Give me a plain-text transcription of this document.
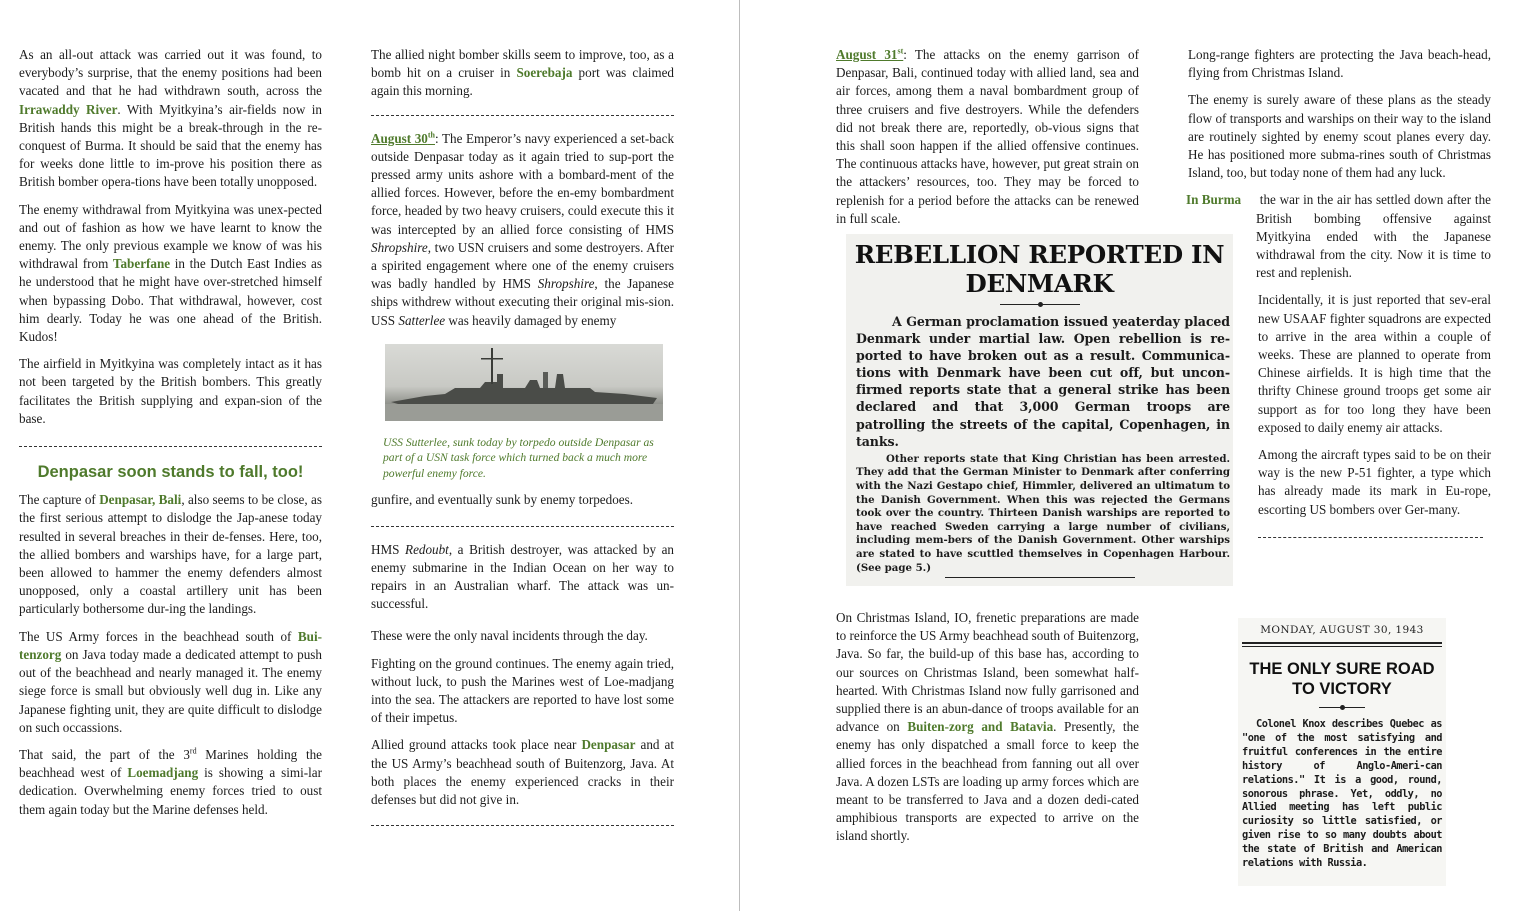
As an all-out attack was carried out it was found, to everybody’s surprise, that the enemy positions had been vacated and that he had withdrawn south, across the Irrawaddy River. With Myitkyina’s air-fields now in British hands this might be a break-through in the re-conquest of Burma. It should be said that the enemy has for weeks done little to im-prove his position there as British bomber opera-tions have been totally unopposed.

The enemy withdrawal from Myitkyina was unex-pected and out of fashion as how we have learnt to know the enemy. The only previous example we know of was his withdrawal from Taberfane in the Dutch East Indies as he understood that he might have over-stretched himself when bypassing Dobo. That withdrawal, however, cost him dearly. Today he was one ahead of the British. Kudos!

The airfield in Myitkyina was completely intact as it has not been targeted by the British bombers. This greatly facilitates the British supplying and expan-sion of the base.

Denpasar soon stands to fall, too!

The capture of Denpasar, Bali, also seems to be close, as the first serious attempt to dislodge the Jap-anese today resulted in several breaches in their de-fenses. Here, too, the allied bombers and warships have, for a large part, been allowed to hammer the enemy defenders almost unopposed, only a coastal artillery unit has been particularly bothersome dur-ing the landings.

The US Army forces in the beachhead south of Bui-tenzorg on Java today made a dedicated attempt to push out of the beachhead and nearly managed it. The enemy siege force is small but obviously well dug in. Like any Japanese fighting unit, they are quite difficult to dislodge on such occassions.

That said, the part of the 3rd Marines holding the beachhead west of Loemadjang is showing a simi-lar dedication. Overwhelming enemy forces tried to oust them again today but the Marine defenses held.

The allied night bomber skills seem to improve, too, as a bomb hit on a cruiser in Soerebaja port was claimed again this morning.

August 30th: The Emperor’s navy experienced a set-back outside Denpasar today as it again tried to sup-port the pressed army units ashore with a bombard-ment of the allied forces. However, before the en-emy bombardment force, headed by two heavy cruisers, could execute this it was intercepted by an allied force consisting of HMS Shropshire, two USN cruisers and some destroyers. After a spirited engagement where one of the enemy cruisers was badly handled by HMS Shropshire, the Japanese ships withdrew without executing their original mis-sion. USS Satterlee was heavily damaged by enemy

USS Sutterlee, sunk today by torpedo outside Denpasar as part of a USN task force which turned back a much more powerful enemy force.

gunfire, and eventually sunk by enemy torpedoes.

HMS Redoubt, a British destroyer, was attacked by an enemy submarine in the Indian Ocean on her way to repairs in an Australian wharf. The attack was un-successful.

These were the only naval incidents through the day.

Fighting on the ground continues. The enemy again tried, without luck, to push the Marines west of Loe-madjang into the sea. The attackers are reported to have lost some of their impetus.

Allied ground attacks took place near Denpasar and at the US Army’s beachhead south of Buitenzorg, Java. At both places the enemy experienced cracks in their defenses but did not give in.

August 31st: The attacks on the enemy garrison of Denpasar, Bali, continued today with allied land, sea and air forces, among them a naval bombardment group of three cruisers and five destroyers. While the defenders did not break there are, reportedly, ob-vious signs that this shall soon happen if the allied offensive continues. The continuous attacks have, however, put great strain on the attackers’ resources, too. They may be forced to replenish for a period before the attacks can be renewed in full scale.

REBELLION REPORTED IN DENMARK
A German proclamation issued yeaterday placed Denmark under martial law. Open rebellion is re-ported to have broken out as a result. Communica-tions with Denmark have been cut off, but uncon-firmed reports state that a general strike has been declared and that 3,000 German troops are patrolling the streets of the capital, Copenhagen, in tanks.
Other reports state that King Christian has been arrested. They add that the German Minister to Denmark after conferring with the Nazi Gestapo chief, Himmler, delivered an ultimatum to the Danish Government. When this was rejected the Germans took over the country. Thirteen Danish warships are reported to have reached Sweden carrying a large number of civilians, including mem-bers of the Danish Government. Other warships are stated to have scuttled themselves in Copenhagen Harbour. (See page 5.)

On Christmas Island, IO, frenetic preparations are made to reinforce the US Army beachhead south of Buitenzorg, Java. So far, the build-up of this base has, according to our sources on Christmas Island, been somewhat half-hearted. With Christmas Island now fully garrisoned and supplied there is an abun-dance of troops available for an advance on Buiten-zorg and Batavia. Presently, the enemy has only dispatched a small force to keep the allied forces in the beachhead from fanning out all over Java. A dozen LSTs are loading up army forces which are meant to be transferred to Java and a dozen dedi-cated amphibious transports are expected to arrive on the island shortly.

Long-range fighters are protecting the Java beach-head, flying from Christmas Island.

The enemy is surely aware of these plans as the steady flow of transports and warships on their way to the island are routinely sighted by enemy scout planes every day. He has positioned more subma-rines south of Christmas Island, too, but today none of them had any luck.

In Burma the war in the air has settled down after the British bombing offensive against Myitkyina ended with the Japanese withdrawal from the city. Now it is time to rest and replenish.

Incidentally, it is just reported that sev-eral new USAAF fighter squadrons are expected to arrive in the area within a couple of weeks. These are planned to operate from Chinese airfields. It is high time that the thrifty Chinese ground troops get some air support as for too long they have been exposed to daily enemy air attacks.

Among the aircraft types said to be on their way is the new P-51 fighter, a type which has already made its mark in Eu-rope, escorting US bombers over Ger-many.

MONDAY, AUGUST 30, 1943
THE ONLY SURE ROAD TO VICTORY
Colonel Knox describes Quebec as "one of the most satisfying and fruitful conferences in the entire history of Anglo-Ameri-can relations." It is a good, round, sonorous phrase. Yet, oddly, no Allied meeting has left public curiosity so little satisfied, or given rise to so many doubts about the state of British and American relations with Russia.
